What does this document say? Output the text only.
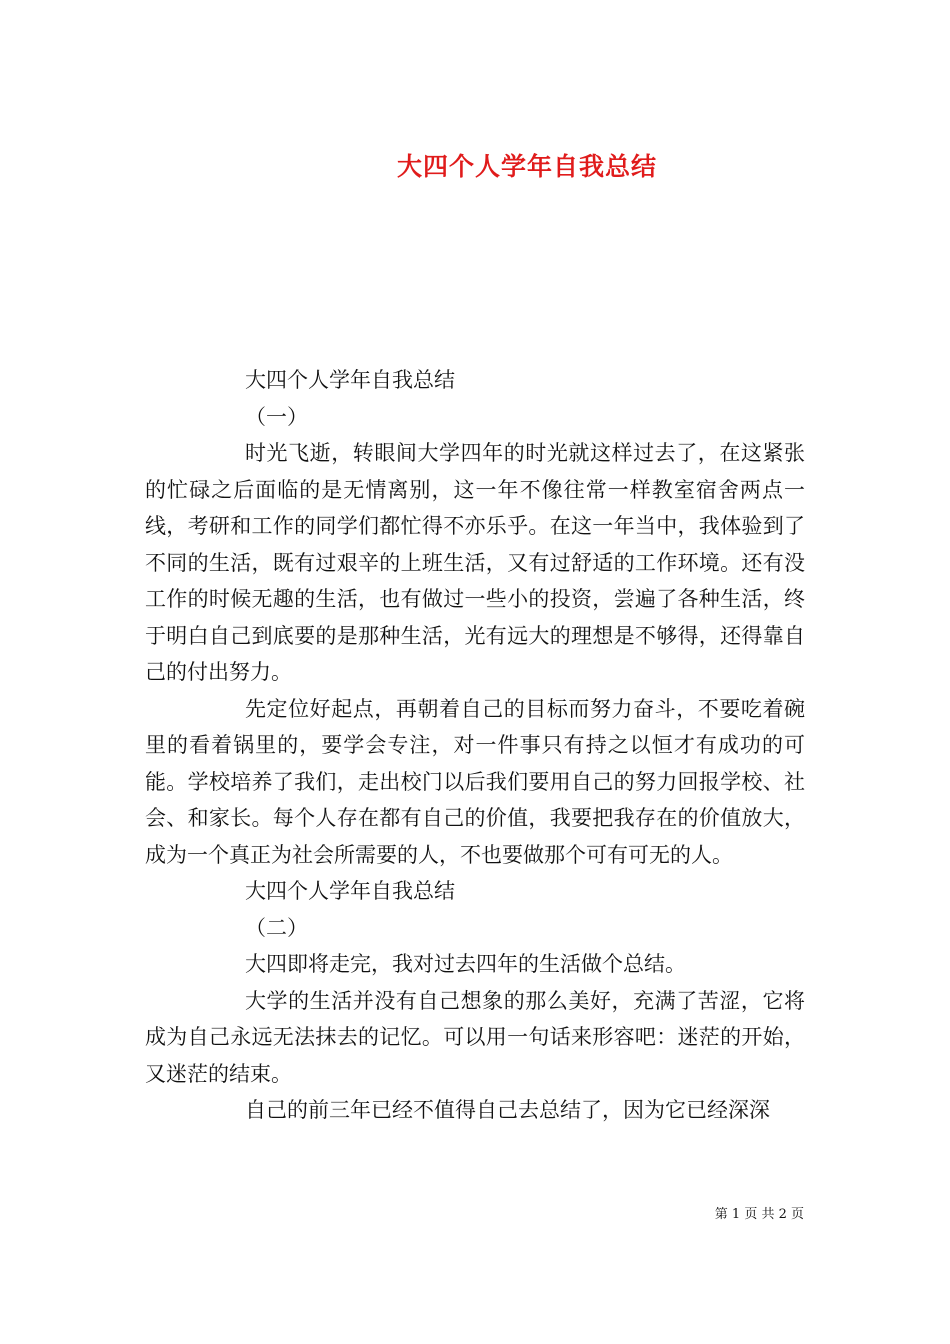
大四个人学年自我总结

大四个人学年自我总结

（一）

时光飞逝，转眼间大学四年的时光就这样过去了，在这紧张的忙碌之后面临的是无情离别，这一年不像往常一样教室宿舍两点一线，考研和工作的同学们都忙得不亦乐乎。在这一年当中，我体验到了不同的生活，既有过艰辛的上班生活，又有过舒适的工作环境。还有没工作的时候无趣的生活，也有做过一些小的投资，尝遍了各种生活，终于明白自己到底要的是那种生活，光有远大的理想是不够得，还得靠自己的付出努力。

先定位好起点，再朝着自己的目标而努力奋斗，不要吃着碗里的看着锅里的，要学会专注，对一件事只有持之以恒才有成功的可能。学校培养了我们，走出校门以后我们要用自己的努力回报学校、社会、和家长。每个人存在都有自己的价值，我要把我存在的价值放大，成为一个真正为社会所需要的人，不也要做那个可有可无的人。

大四个人学年自我总结

（二）

大四即将走完，我对过去四年的生活做个总结。

大学的生活并没有自己想象的那么美好，充满了苦涩，它将成为自己永远无法抹去的记忆。可以用一句话来形容吧：迷茫的开始，又迷茫的结束。

自己的前三年已经不值得自己去总结了，因为它已经深深

第 1 页 共 2 页
